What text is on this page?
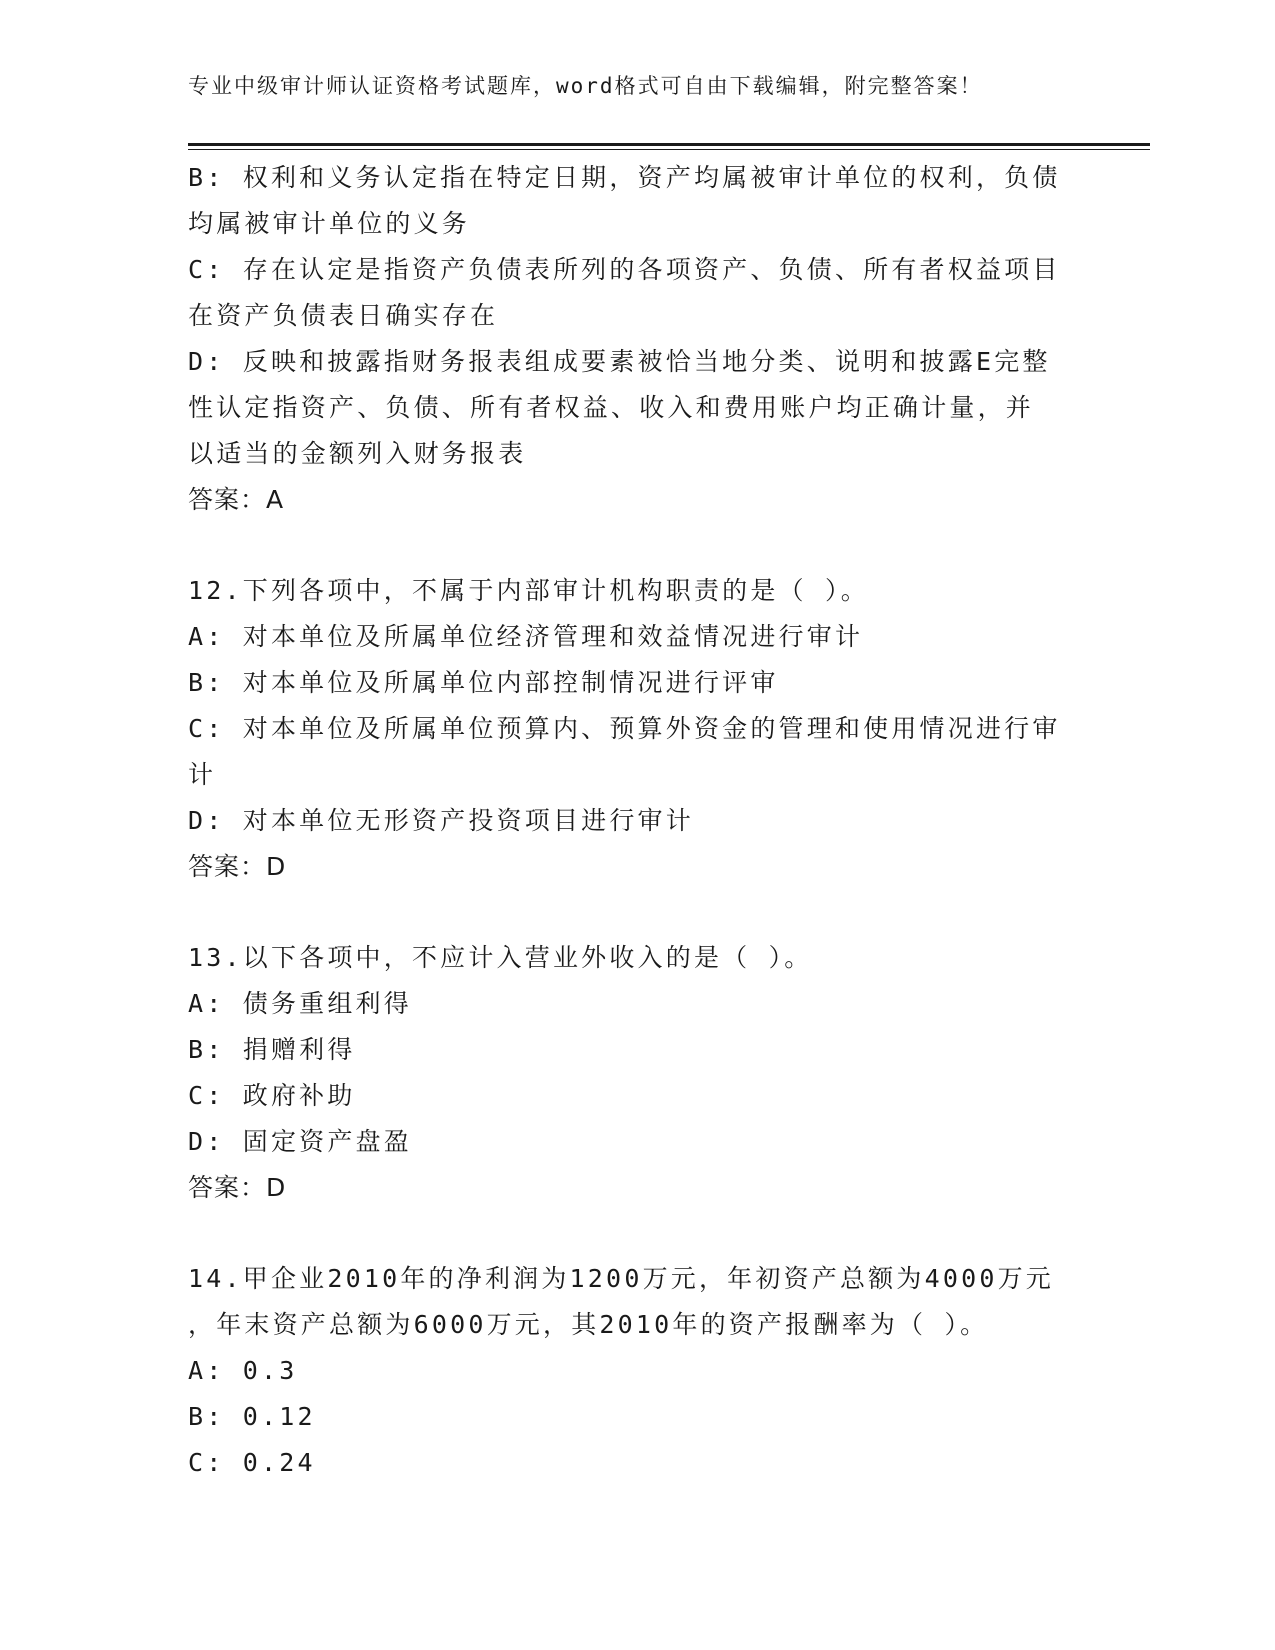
专业中级审计师认证资格考试题库，word格式可自由下载编辑，附完整答案！
B: 权利和义务认定指在特定日期，资产均属被审计单位的权利，负债
均属被审计单位的义务
C: 存在认定是指资产负债表所列的各项资产、负债、所有者权益项目
在资产负债表日确实存在
D: 反映和披露指财务报表组成要素被恰当地分类、说明和披露E完整
性认定指资产、负债、所有者权益、收入和费用账户均正确计量，并
以适当的金额列入财务报表
答案：A
12.下列各项中，不属于内部审计机构职责的是（ ）。
A: 对本单位及所属单位经济管理和效益情况进行审计
B: 对本单位及所属单位内部控制情况进行评审
C: 对本单位及所属单位预算内、预算外资金的管理和使用情况进行审
计
D: 对本单位无形资产投资项目进行审计
答案：D
13.以下各项中，不应计入营业外收入的是（ ）。
A: 债务重组利得
B: 捐赠利得
C: 政府补助
D: 固定资产盘盈
答案：D
14.甲企业2010年的净利润为1200万元，年初资产总额为4000万元
，年末资产总额为6000万元，其2010年的资产报酬率为（ ）。
A: 0.3
B: 0.12
C: 0.24
